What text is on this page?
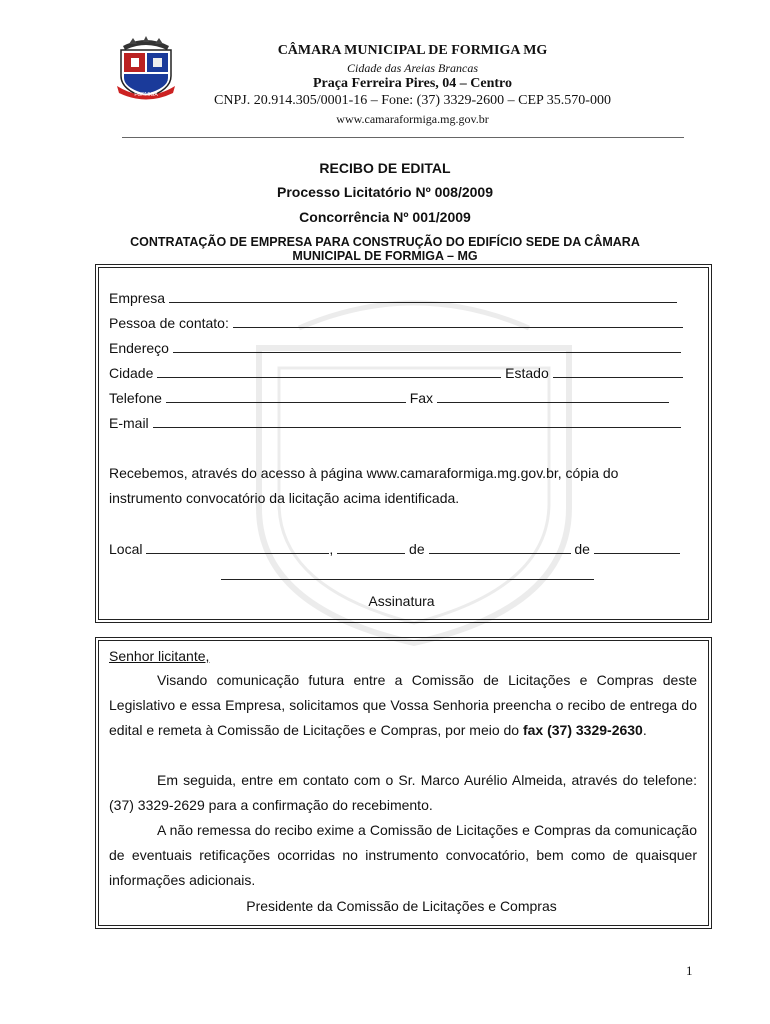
FORMIGA
CÂMARA MUNICIPAL DE FORMIGA MG
Cidade das Areias Brancas
Praça Ferreira Pires, 04 – Centro
CNPJ. 20.914.305/0001-16 – Fone: (37) 3329-2600 – CEP 35.570-000
www.camaraformiga.mg.gov.br
RECIBO DE EDITAL
Processo Licitatório Nº 008/2009
Concorrência Nº 001/2009
CONTRATAÇÃO DE EMPRESA PARA CONSTRUÇÃO DO EDIFÍCIO SEDE DA CÂMARA
MUNICIPAL DE FORMIGA – MG
Empresa
Pessoa de contato:
Endereço
Cidade	Estado
Telefone	Fax
E-mail
Recebemos, através do acesso à página www.camaraformiga.mg.gov.br, cópia do
instrumento convocatório da licitação acima identificada.
Local	,	de	de
Assinatura
Senhor licitante,
Visando comunicação futura entre a Comissão de Licitações e Compras deste Legislativo e essa Empresa, solicitamos que Vossa Senhoria preencha o recibo de entrega do edital e remeta à Comissão de Licitações e Compras, por meio do fax (37) 3329-2630.
Em seguida, entre em contato com o Sr. Marco Aurélio Almeida, através do telefone: (37) 3329-2629 para a confirmação do recebimento.
A não remessa do recibo exime a Comissão de Licitações e Compras da comunicação de eventuais retificações ocorridas no instrumento convocatório, bem como de quaisquer informações adicionais.
Presidente da Comissão de Licitações e Compras
1
